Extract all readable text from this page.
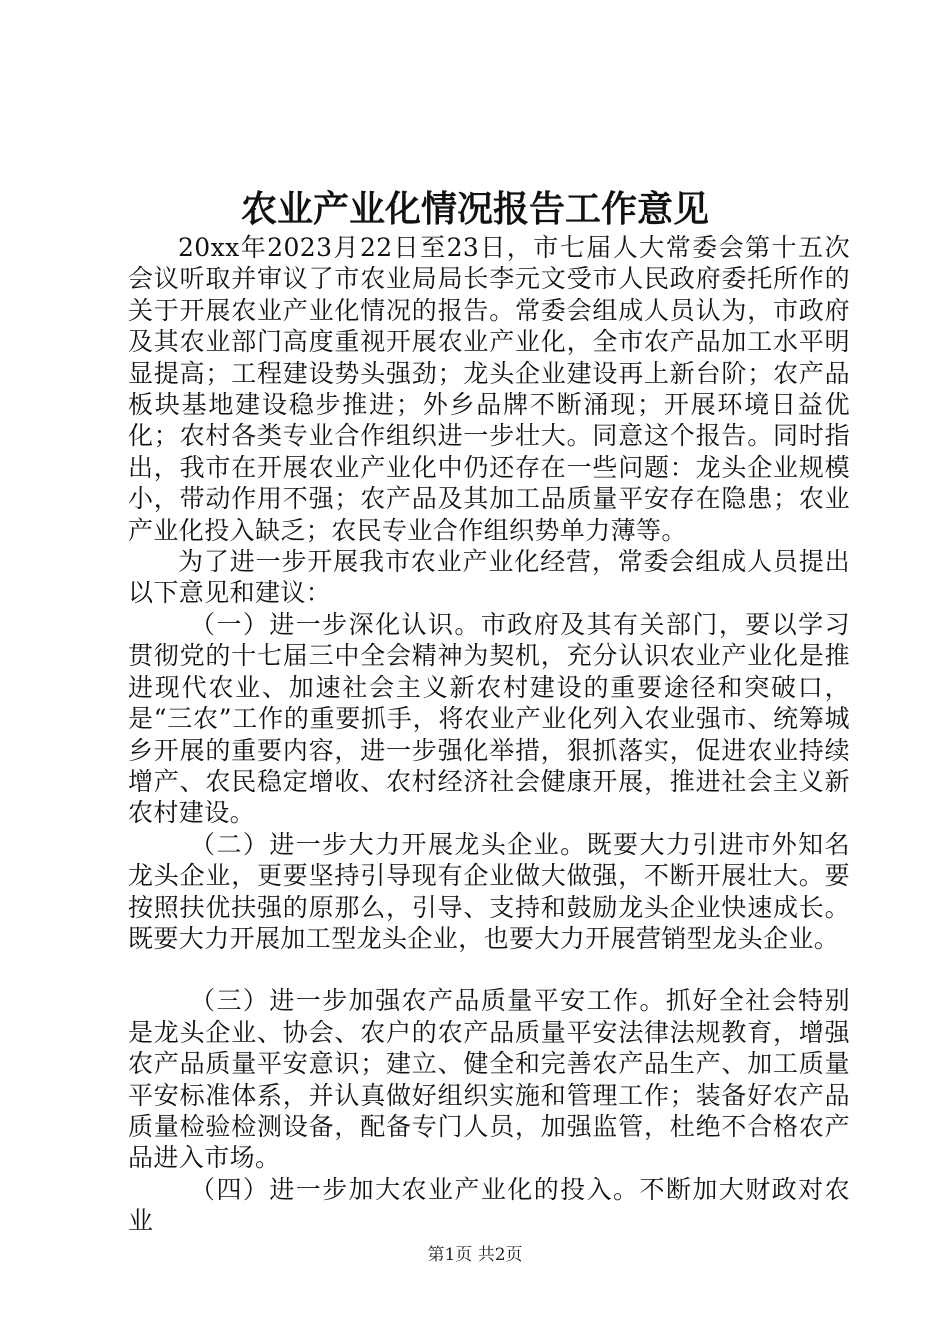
农业产业化情况报告工作意见

20xx年2023月22日至23日，市七届人大常委会第十五次会议听取并审议了市农业局局长李元文受市人民政府委托所作的关于开展农业产业化情况的报告。常委会组成人员认为，市政府及其农业部门高度重视开展农业产业化，全市农产品加工水平明显提高；工程建设势头强劲；龙头企业建设再上新台阶；农产品板块基地建设稳步推进；外乡品牌不断涌现；开展环境日益优化；农村各类专业合作组织进一步壮大。同意这个报告。同时指出，我市在开展农业产业化中仍还存在一些问题：龙头企业规模小，带动作用不强；农产品及其加工品质量平安存在隐患；农业产业化投入缺乏；农民专业合作组织势单力薄等。

为了进一步开展我市农业产业化经营，常委会组成人员提出以下意见和建议：

（一）进一步深化认识。市政府及其有关部门，要以学习贯彻党的十七届三中全会精神为契机，充分认识农业产业化是推进现代农业、加速社会主义新农村建设的重要途径和突破口，是“三农”工作的重要抓手，将农业产业化列入农业强市、统筹城乡开展的重要内容，进一步强化举措，狠抓落实，促进农业持续增产、农民稳定增收、农村经济社会健康开展，推进社会主义新农村建设。

（二）进一步大力开展龙头企业。既要大力引进市外知名龙头企业，更要坚持引导现有企业做大做强，不断开展壮大。要按照扶优扶强的原那么，引导、支持和鼓励龙头企业快速成长。既要大力开展加工型龙头企业，也要大力开展营销型龙头企业。

（三）进一步加强农产品质量平安工作。抓好全社会特别是龙头企业、协会、农户的农产品质量平安法律法规教育，增强农产品质量平安意识；建立、健全和完善农产品生产、加工质量平安标准体系，并认真做好组织实施和管理工作；装备好农产品质量检验检测设备，配备专门人员，加强监管，杜绝不合格农产品进入市场。

（四）进一步加大农业产业化的投入。不断加大财政对农业

第1页 共2页
